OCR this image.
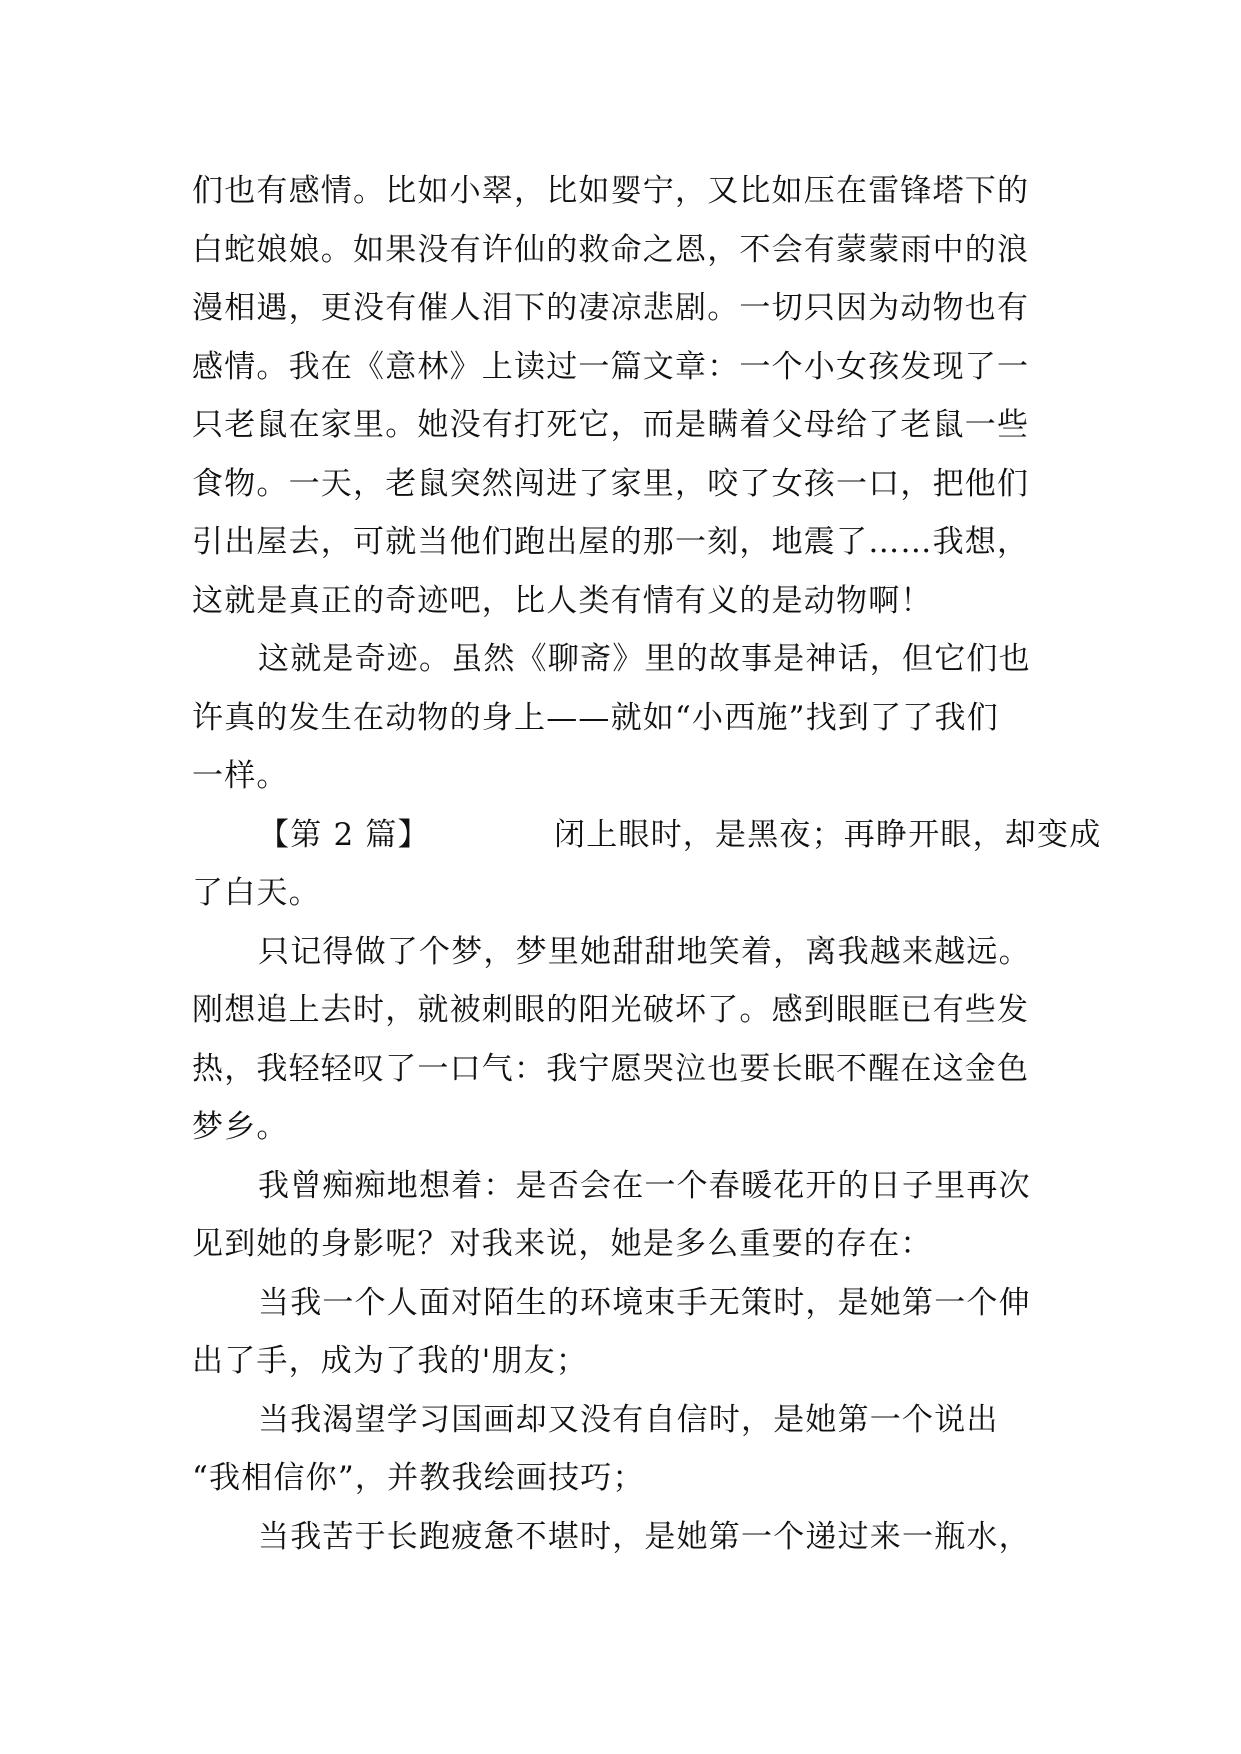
们也有感情。比如小翠，比如婴宁，又比如压在雷锋塔下的
白蛇娘娘。如果没有许仙的救命之恩，不会有蒙蒙雨中的浪
漫相遇，更没有催人泪下的凄凉悲剧。一切只因为动物也有
感情。我在《意林》上读过一篇文章：一个小女孩发现了一
只老鼠在家里。她没有打死它，而是瞒着父母给了老鼠一些
食物。一天，老鼠突然闯进了家里，咬了女孩一口，把他们
引出屋去，可就当他们跑出屋的那一刻，地震了……我想，
这就是真正的奇迹吧，比人类有情有义的是动物啊！
这就是奇迹。虽然《聊斋》里的故事是神话，但它们也
许真的发生在动物的身上——就如“小西施”找到了了我们
一样。
【第 2 篇】	闭上眼时，是黑夜；再睁开眼，却变成
了白天。
只记得做了个梦，梦里她甜甜地笑着，离我越来越远。
刚想追上去时，就被刺眼的阳光破坏了。感到眼眶已有些发
热，我轻轻叹了一口气：我宁愿哭泣也要长眠不醒在这金色
梦乡。
我曾痴痴地想着：是否会在一个春暖花开的日子里再次
见到她的身影呢？对我来说，她是多么重要的存在：
当我一个人面对陌生的环境束手无策时，是她第一个伸
出了手，成为了我的'朋友；
当我渴望学习国画却又没有自信时，是她第一个说出
“我相信你”，并教我绘画技巧；
当我苦于长跑疲惫不堪时，是她第一个递过来一瓶水，
